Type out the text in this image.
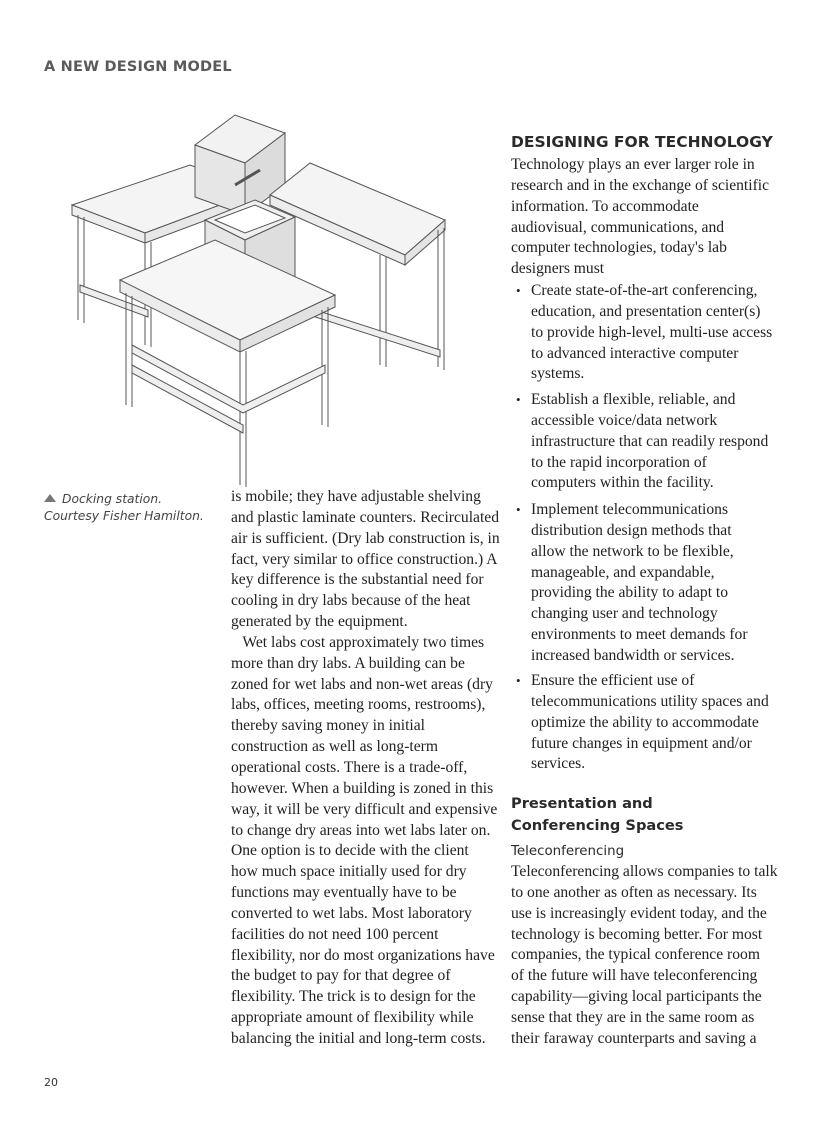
A NEW DESIGN MODEL
Docking station.
Courtesy Fisher Hamilton.
is mobile; they have adjustable shelving
and plastic laminate counters. Recirculated
air is sufficient. (Dry lab construction is, in
fact, very similar to office construction.) A
key difference is the substantial need for
cooling in dry labs because of the heat
generated by the equipment.
Wet labs cost approximately two times
more than dry labs. A building can be
zoned for wet labs and non-wet areas (dry
labs, offices, meeting rooms, restrooms),
thereby saving money in initial
construction as well as long-term
operational costs. There is a trade-off,
however. When a building is zoned in this
way, it will be very difficult and expensive
to change dry areas into wet labs later on.
One option is to decide with the client
how much space initially used for dry
functions may eventually have to be
converted to wet labs. Most laboratory
facilities do not need 100 percent
flexibility, nor do most organizations have
the budget to pay for that degree of
flexibility. The trick is to design for the
appropriate amount of flexibility while
balancing the initial and long-term costs.
DESIGNING FOR TECHNOLOGY
Technology plays an ever larger role in
research and in the exchange of scientific
information. To accommodate
audiovisual, communications, and
computer technologies, today's lab
designers must
• Create state-of-the-art conferencing,
education, and presentation center(s)
to provide high-level, multi-use access
to advanced interactive computer
systems.
• Establish a flexible, reliable, and
accessible voice/data network
infrastructure that can readily respond
to the rapid incorporation of
computers within the facility.
• Implement telecommunications
distribution design methods that
allow the network to be flexible,
manageable, and expandable,
providing the ability to adapt to
changing user and technology
environments to meet demands for
increased bandwidth or services.
• Ensure the efficient use of
telecommunications utility spaces and
optimize the ability to accommodate
future changes in equipment and/or
services.
Presentation and
Conferencing Spaces
Teleconferencing
Teleconferencing allows companies to talk
to one another as often as necessary. Its
use is increasingly evident today, and the
technology is becoming better. For most
companies, the typical conference room
of the future will have teleconferencing
capability—giving local participants the
sense that they are in the same room as
their faraway counterparts and saving a
20
